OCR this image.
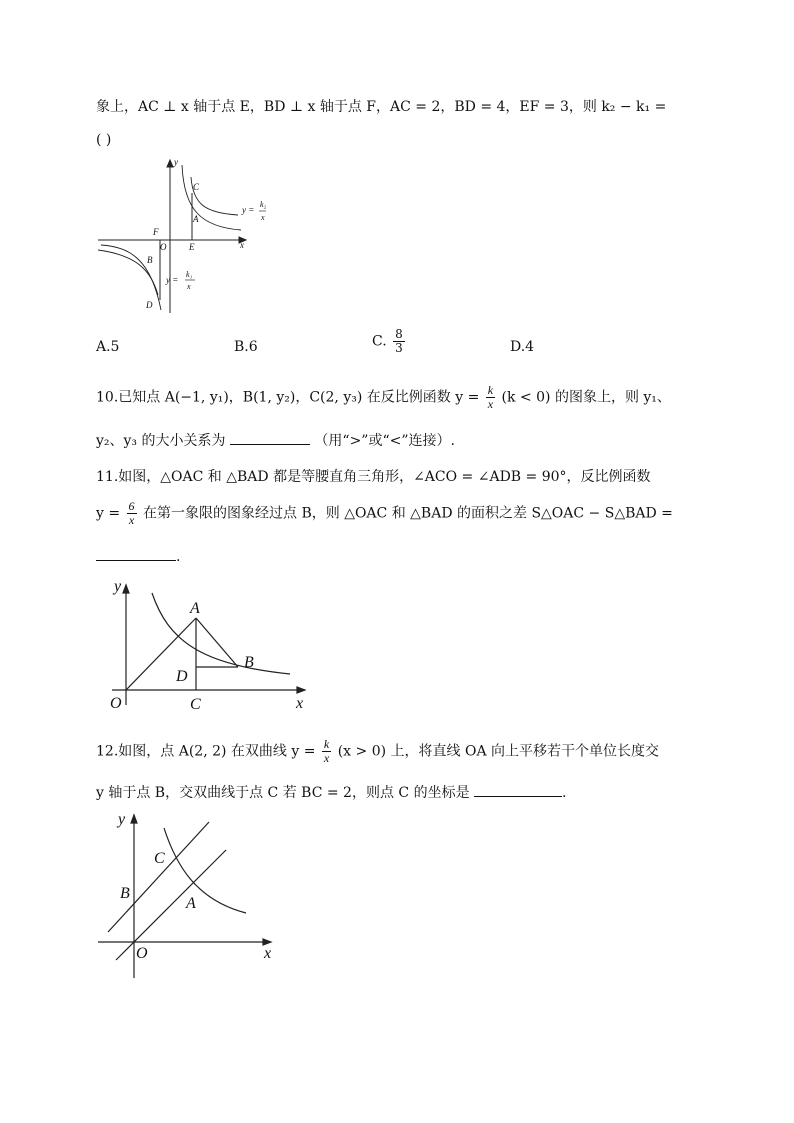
象上，AC ⊥ x 轴于点 E，BD ⊥ x 轴于点 F，AC = 2，BD = 4，EF = 3，则 k₂ − k₁ =
( )
y
x
C
A
E
F
O
B
D
y =
k₂
x
y =
k₁
x
A.5	B.6	C. $\frac{8}{3}$	D.4
10.已知点 A(−1, y₁)，B(1, y₂)，C(2, y₃) 在反比例函数 $y = \frac{k}{x} (k < 0)$ 的图象上，则 y₁、
y₂、y₃ 的大小关系为	（用“>”或“<”连接）.
11.如图，△OAC 和 △BAD 都是等腰直角三角形，∠ACO = ∠ADB = 90°，反比例函数
$y = \frac{6}{x}$ 在第一象限的图象经过点 B，则 △OAC 和 △BAD 的面积之差 S△OAC − S△BAD =
.
y
x
A
B
D
O	C
12.如图，点 A(2, 2) 在双曲线 $y = \frac{k}{x} (x > 0)$ 上，将直线 OA 向上平移若干个单位长度交
y 轴于点 B，交双曲线于点 C 若 BC = 2，则点 C 的坐标是	.
y
x
C
B
A
O
